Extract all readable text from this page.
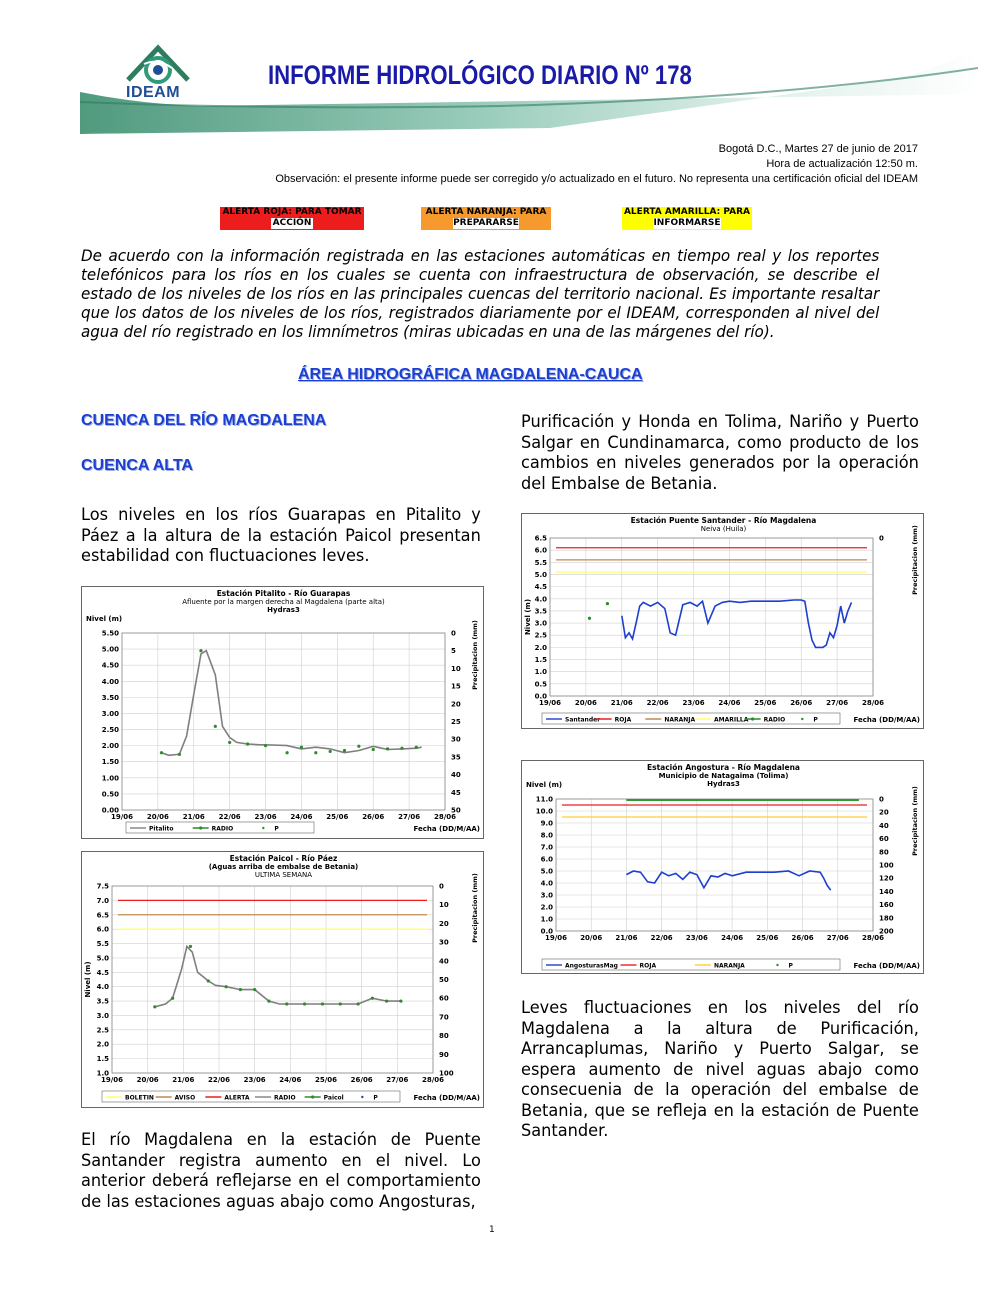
IDEAM
INFORME HIDROLÓGICO DIARIO Nº 178
Bogotá D.C., Martes 27 de junio de 2017
Hora de actualización 12:50 m.
Observación: el presente informe puede ser corregido y/o actualizado en el futuro. No representa una certificación oficial del IDEAM
ALERTA ROJA: PARA TOMAR
ACCIÓN
ALERTA NARANJA: PARA
PREPARARSE
ALERTA AMARILLA: PARA
INFORMARSE
De acuerdo con la información registrada en las estaciones automáticas en tiempo real y los reportes telefónicos para los ríos en los cuales se cuenta con infraestructura de observación, se describe el estado de los niveles de los ríos en las principales cuencas del territorio nacional. Es importante resaltar que los datos de los niveles de los ríos, registrados diariamente por el IDEAM, corresponden al nivel del agua del río registrado en los limnímetros (miras ubicadas en una de las márgenes del río).
ÁREA HIDROGRÁFICA MAGDALENA-CAUCA
CUENCA DEL RÍO MAGDALENA
CUENCA ALTA
Los niveles en los ríos Guarapas en Pitalito y Páez a la altura de la estación Paicol presentan estabilidad con fluctuaciones leves.
El río Magdalena en la estación de Puente Santander registra aumento en el nivel. Lo anterior deberá reflejarse en el comportamiento de las estaciones aguas abajo como Angosturas,
Purificación y Honda en Tolima, Nariño y Puerto Salgar en Cundinamarca, como producto de los cambios en niveles generados por la operación del Embalse de Betania.
Leves fluctuaciones en los niveles del río Magdalena a la altura de Purificación, Arrancaplumas, Nariño y Puerto Salgar, se espera aumento de nivel aguas abajo como consecuenia de la operación del embalse de Betania, que se refleja en la estación de Puente Santander.
Estación Pitalito - Río Guarapas
Afluente por la margen derecha al Magdalena (parte alta)
Hydras3
Nivel (m)
Precipitacion (mm)
5.50
5.00
4.50
4.00
3.50
3.00
2.50
2.00
1.50
1.00
0.50
0.00
0
5
10
15
20
25
30
35
40
45
50
19/06 20/06 21/06 22/06 23/06 24/06 25/06 26/06 27/06 28/06
Pitalito	RADIO	P	Fecha (DD/M/AA)
Estación Paicol - Río Páez
(Aguas arriba de embalse de Betania)
ULTIMA SEMANA
Nivel (m)
Precipitacion (mm)
7.5
7.0
6.5
6.0
5.5
5.0
4.5
4.0
3.5
3.0
2.5
2.0
1.5
1.0
0
10
20
30
40
50
60
70
80
90
100
19/06 20/06 21/06 22/06 23/06 24/06 25/06 26/06 27/06 28/06
BOLETIN	AVISO	ALERTA	RADIO	Paicol	P	Fecha (DD/M/AA)
Estación Puente Santander - Río Magdalena
Neiva (Huila)
Nivel (m)
Precipitacion (mm)
6.5
6.0
5.5
5.0
4.5
4.0
3.5
3.0
2.5
2.0
1.5
1.0
0.5
0.0
0
19/06 20/06 21/06 22/06 23/06 24/06 25/06 26/06 27/06 28/06
Santander ROJA	NARANJA	AMARILLA	RADIO	P	Fecha (DD/M/AA)
Estación Angostura - Río Magdalena
Municipio de Natagaima (Tolima)
Hydras3
Nivel (m)
Precipitacion (mm)
11.0
10.0
9.0
8.0
7.0
6.0
5.0
4.0
3.0
2.0
1.0
0.0
0
20
40
60
80
100
120
140
160
180
200
19/06 20/06 21/06 22/06 23/06 24/06 25/06 26/06 27/06 28/06
AngosturasMag	ROJA	NARANJA	P	Fecha (DD/M/AA)
1
